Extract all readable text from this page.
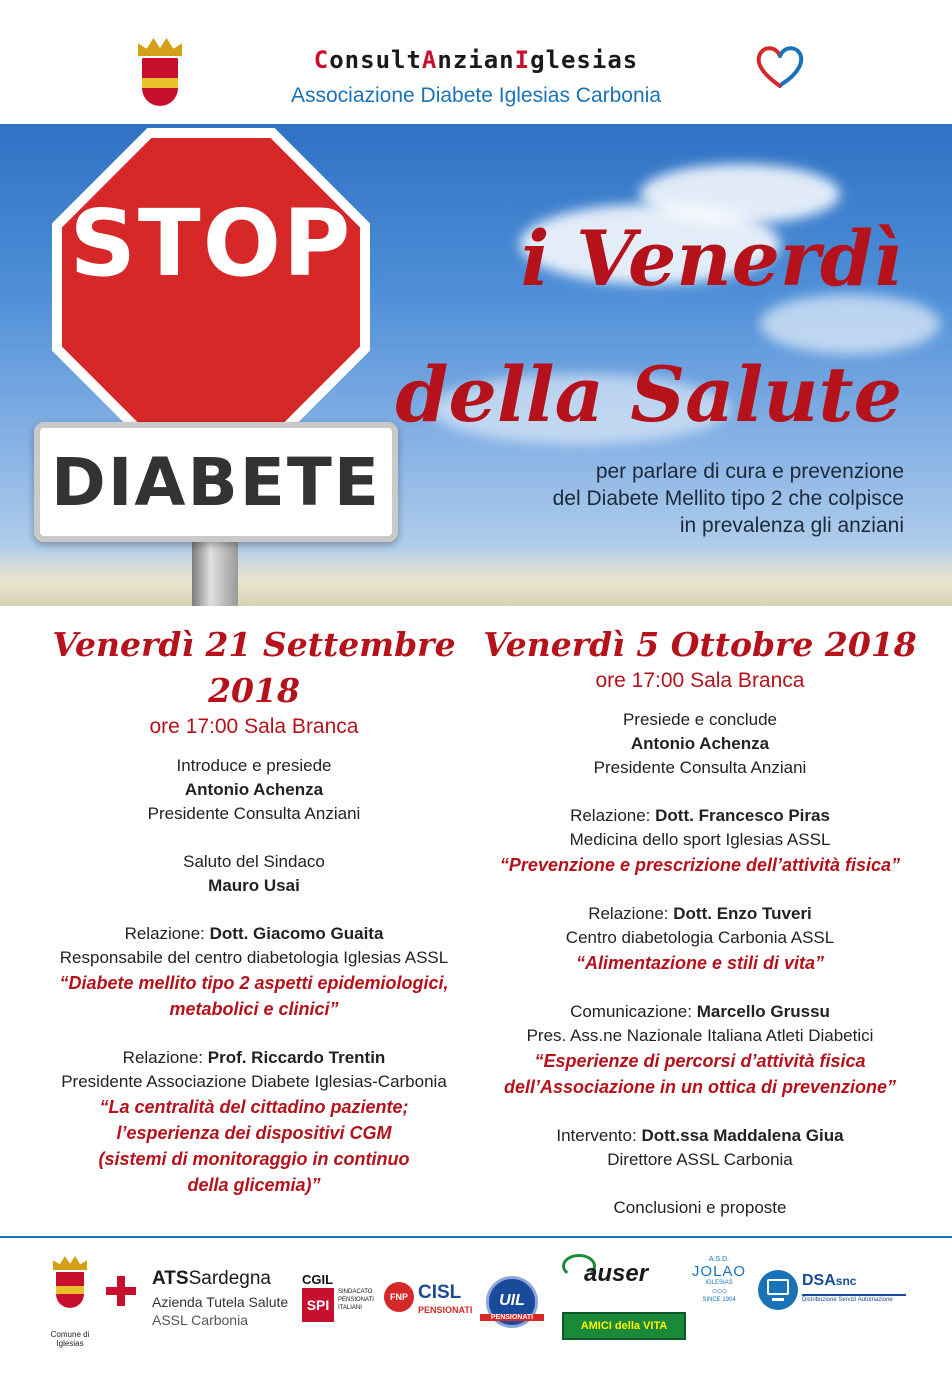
ConsultAnzianIglesias
Associazione Diabete Iglesias Carbonia
STOP
DIABETE
i Venerdì
della Salute
per parlare di cura e prevenzione
del Diabete Mellito tipo 2 che colpisce
in prevalenza gli anziani
Venerdì 21 Settembre 2018
ore 17:00 Sala Branca
Introduce e presiede
Antonio Achenza
Presidente Consulta Anziani
Saluto del Sindaco
Mauro Usai
Relazione: Dott. Giacomo Guaita
Responsabile del centro diabetologia Iglesias ASSL
“Diabete mellito tipo 2 aspetti epidemiologici,
metabolici e clinici”
Relazione: Prof. Riccardo Trentin
Presidente Associazione Diabete Iglesias-Carbonia
“La centralità del cittadino paziente;
l’esperienza dei dispositivi CGM
(sistemi di monitoraggio in continuo
della glicemia)”
Venerdì 5 Ottobre 2018
ore 17:00 Sala Branca
Presiede e conclude
Antonio Achenza
Presidente Consulta Anziani
Relazione: Dott. Francesco Piras
Medicina dello sport Iglesias ASSL
“Prevenzione e prescrizione dell’attività fisica”
Relazione: Dott. Enzo Tuveri
Centro diabetologia Carbonia ASSL
“Alimentazione e stili di vita”
Comunicazione: Marcello Grussu
Pres. Ass.ne Nazionale Italiana Atleti Diabetici
“Esperienze di percorsi d’attività fisica
dell’Associazione in un ottica di prevenzione”
Intervento: Dott.ssa Maddalena Giua
Direttore ASSL Carbonia
Conclusioni e proposte
Comune di
Iglesias
ATSSardegna
Azienda Tutela Salute
ASSL Carbonia
CGIL
SPI
SINDACATO
PENSIONATI
ITALIANI
FNP CISL
PENSIONATI
UIL
PENSIONATI
auser
AMICI della VITA
A.S.D.
JOLAO
IGLESIAS
○○○
SINCE 1904
DSAsnc
Distribuzione Servizi Automazione
